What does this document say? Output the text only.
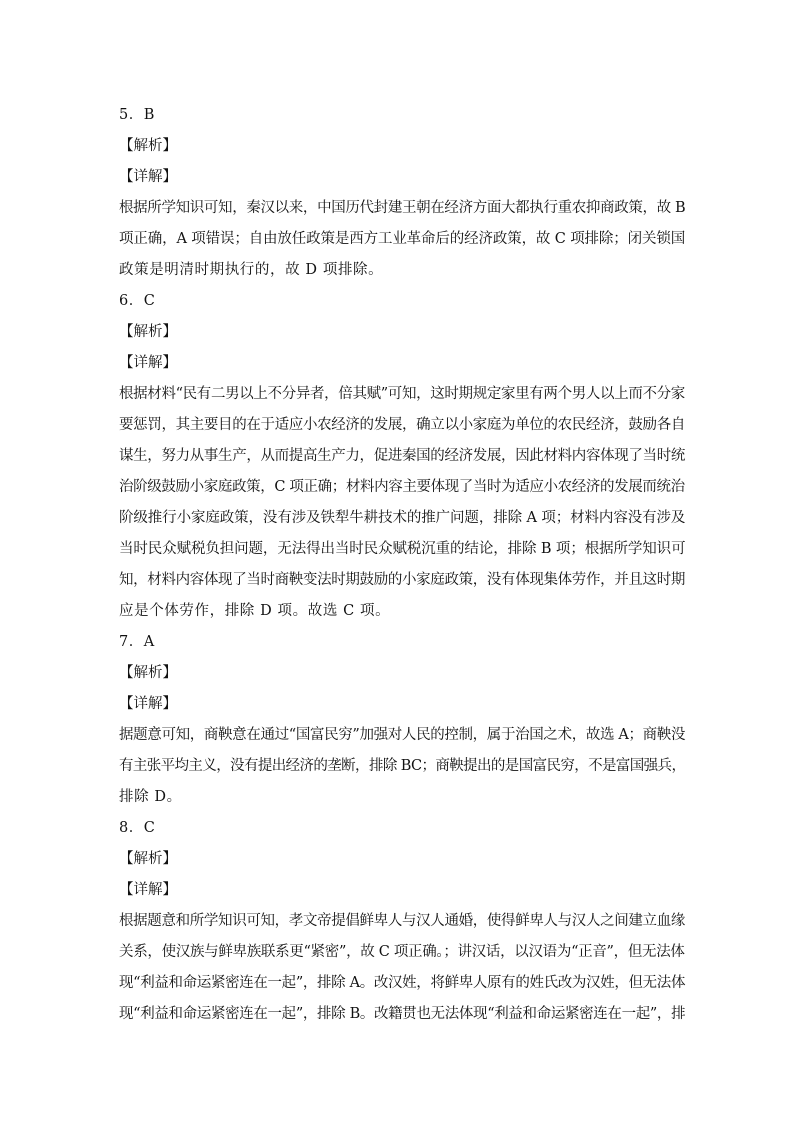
5．B
【解析】
【详解】
根据所学知识可知，秦汉以来，中国历代封建王朝在经济方面大都执行重农抑商政策，故 B
项正确，A 项错误；自由放任政策是西方工业革命后的经济政策，故 C 项排除；闭关锁国
政策是明清时期执行的，故 D 项排除。
6．C
【解析】
【详解】
根据材料“民有二男以上不分异者，倍其赋”可知，这时期规定家里有两个男人以上而不分家
要惩罚，其主要目的在于适应小农经济的发展，确立以小家庭为单位的农民经济，鼓励各自
谋生，努力从事生产，从而提高生产力，促进秦国的经济发展，因此材料内容体现了当时统
治阶级鼓励小家庭政策，C 项正确；材料内容主要体现了当时为适应小农经济的发展而统治
阶级推行小家庭政策，没有涉及铁犁牛耕技术的推广问题，排除 A 项；材料内容没有涉及
当时民众赋税负担问题，无法得出当时民众赋税沉重的结论，排除 B 项；根据所学知识可
知，材料内容体现了当时商鞅变法时期鼓励的小家庭政策，没有体现集体劳作，并且这时期
应是个体劳作，排除 D 项。故选 C 项。
7．A
【解析】
【详解】
据题意可知，商鞅意在通过“国富民穷”加强对人民的控制，属于治国之术，故选 A；商鞅没
有主张平均主义，没有提出经济的垄断，排除 BC；商鞅提出的是国富民穷，不是富国强兵，
排除 D。
8．C
【解析】
【详解】
根据题意和所学知识可知，孝文帝提倡鲜卑人与汉人通婚，使得鲜卑人与汉人之间建立血缘
关系，使汉族与鲜卑族联系更“紧密”，故 C 项正确。；讲汉话，以汉语为“正音”，但无法体
现“利益和命运紧密连在一起”，排除 A。改汉姓，将鲜卑人原有的姓氏改为汉姓，但无法体
现“利益和命运紧密连在一起”，排除 B。改籍贯也无法体现“利益和命运紧密连在一起”，排
